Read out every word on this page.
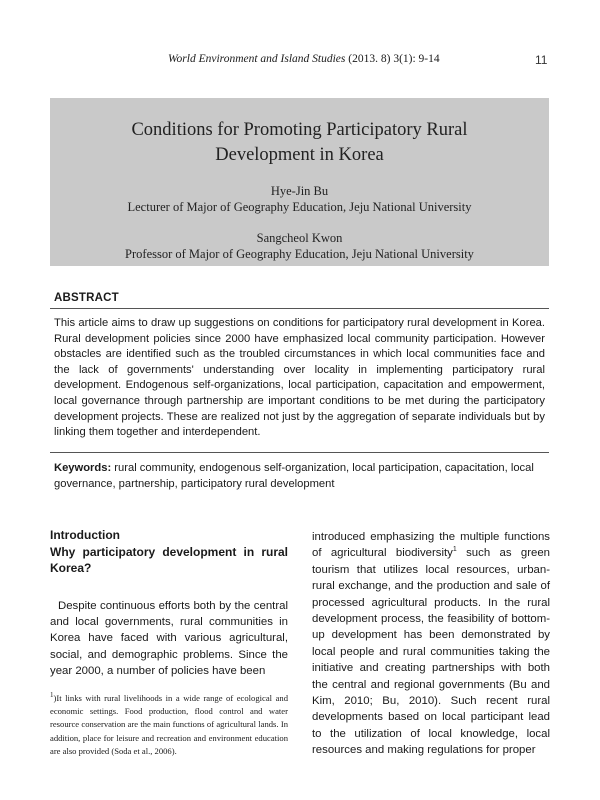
World Environment and Island Studies (2013. 8) 3(1): 9-14	11
Conditions for Promoting Participatory Rural
Development in Korea
Hye-Jin Bu
Lecturer of Major of Geography Education, Jeju National University
Sangcheol Kwon
Professor of Major of Geography Education, Jeju National University
ABSTRACT
This article aims to draw up suggestions on conditions for participatory rural development in Korea. Rural development policies since 2000 have emphasized local community participation. However obstacles are identified such as the troubled circumstances in which local communities face and the lack of governments' understanding over locality in implementing participatory rural development. Endogenous self-organizations, local participation, capacitation and empowerment, local governance through partnership are important conditions to be met during the participatory development projects. These are realized not just by the aggregation of separate individuals but by linking them together and interdependent.
Keywords: rural community, endogenous self-organization, local participation, capacitation, local governance, partnership, participatory rural development

Introduction

Why participatory development in rural Korea?

Despite continuous efforts both by the central and local governments, rural communities in Korea have faced with various agricultural, social, and demographic problems. Since the year 2000, a number of policies have been

$^1$)It links with rural livelihoods in a wide range of ecological and economic settings. Food production, flood control and water resource conservation are the main functions of agricultural lands. In addition, place for leisure and recreation and environment education are also provided (Soda et al., 2006).

introduced emphasizing the multiple functions of agricultural biodiversity$^1$ such as green tourism that utilizes local resources, urban-rural exchange, and the production and sale of processed agricultural products. In the rural development process, the feasibility of bottom-up development has been demonstrated by local people and rural communities taking the initiative and creating partnerships with both the central and regional governments (Bu and Kim, 2010; Bu, 2010). Such recent rural developments based on local participant lead to the utilization of local knowledge, local resources and making regulations for proper
